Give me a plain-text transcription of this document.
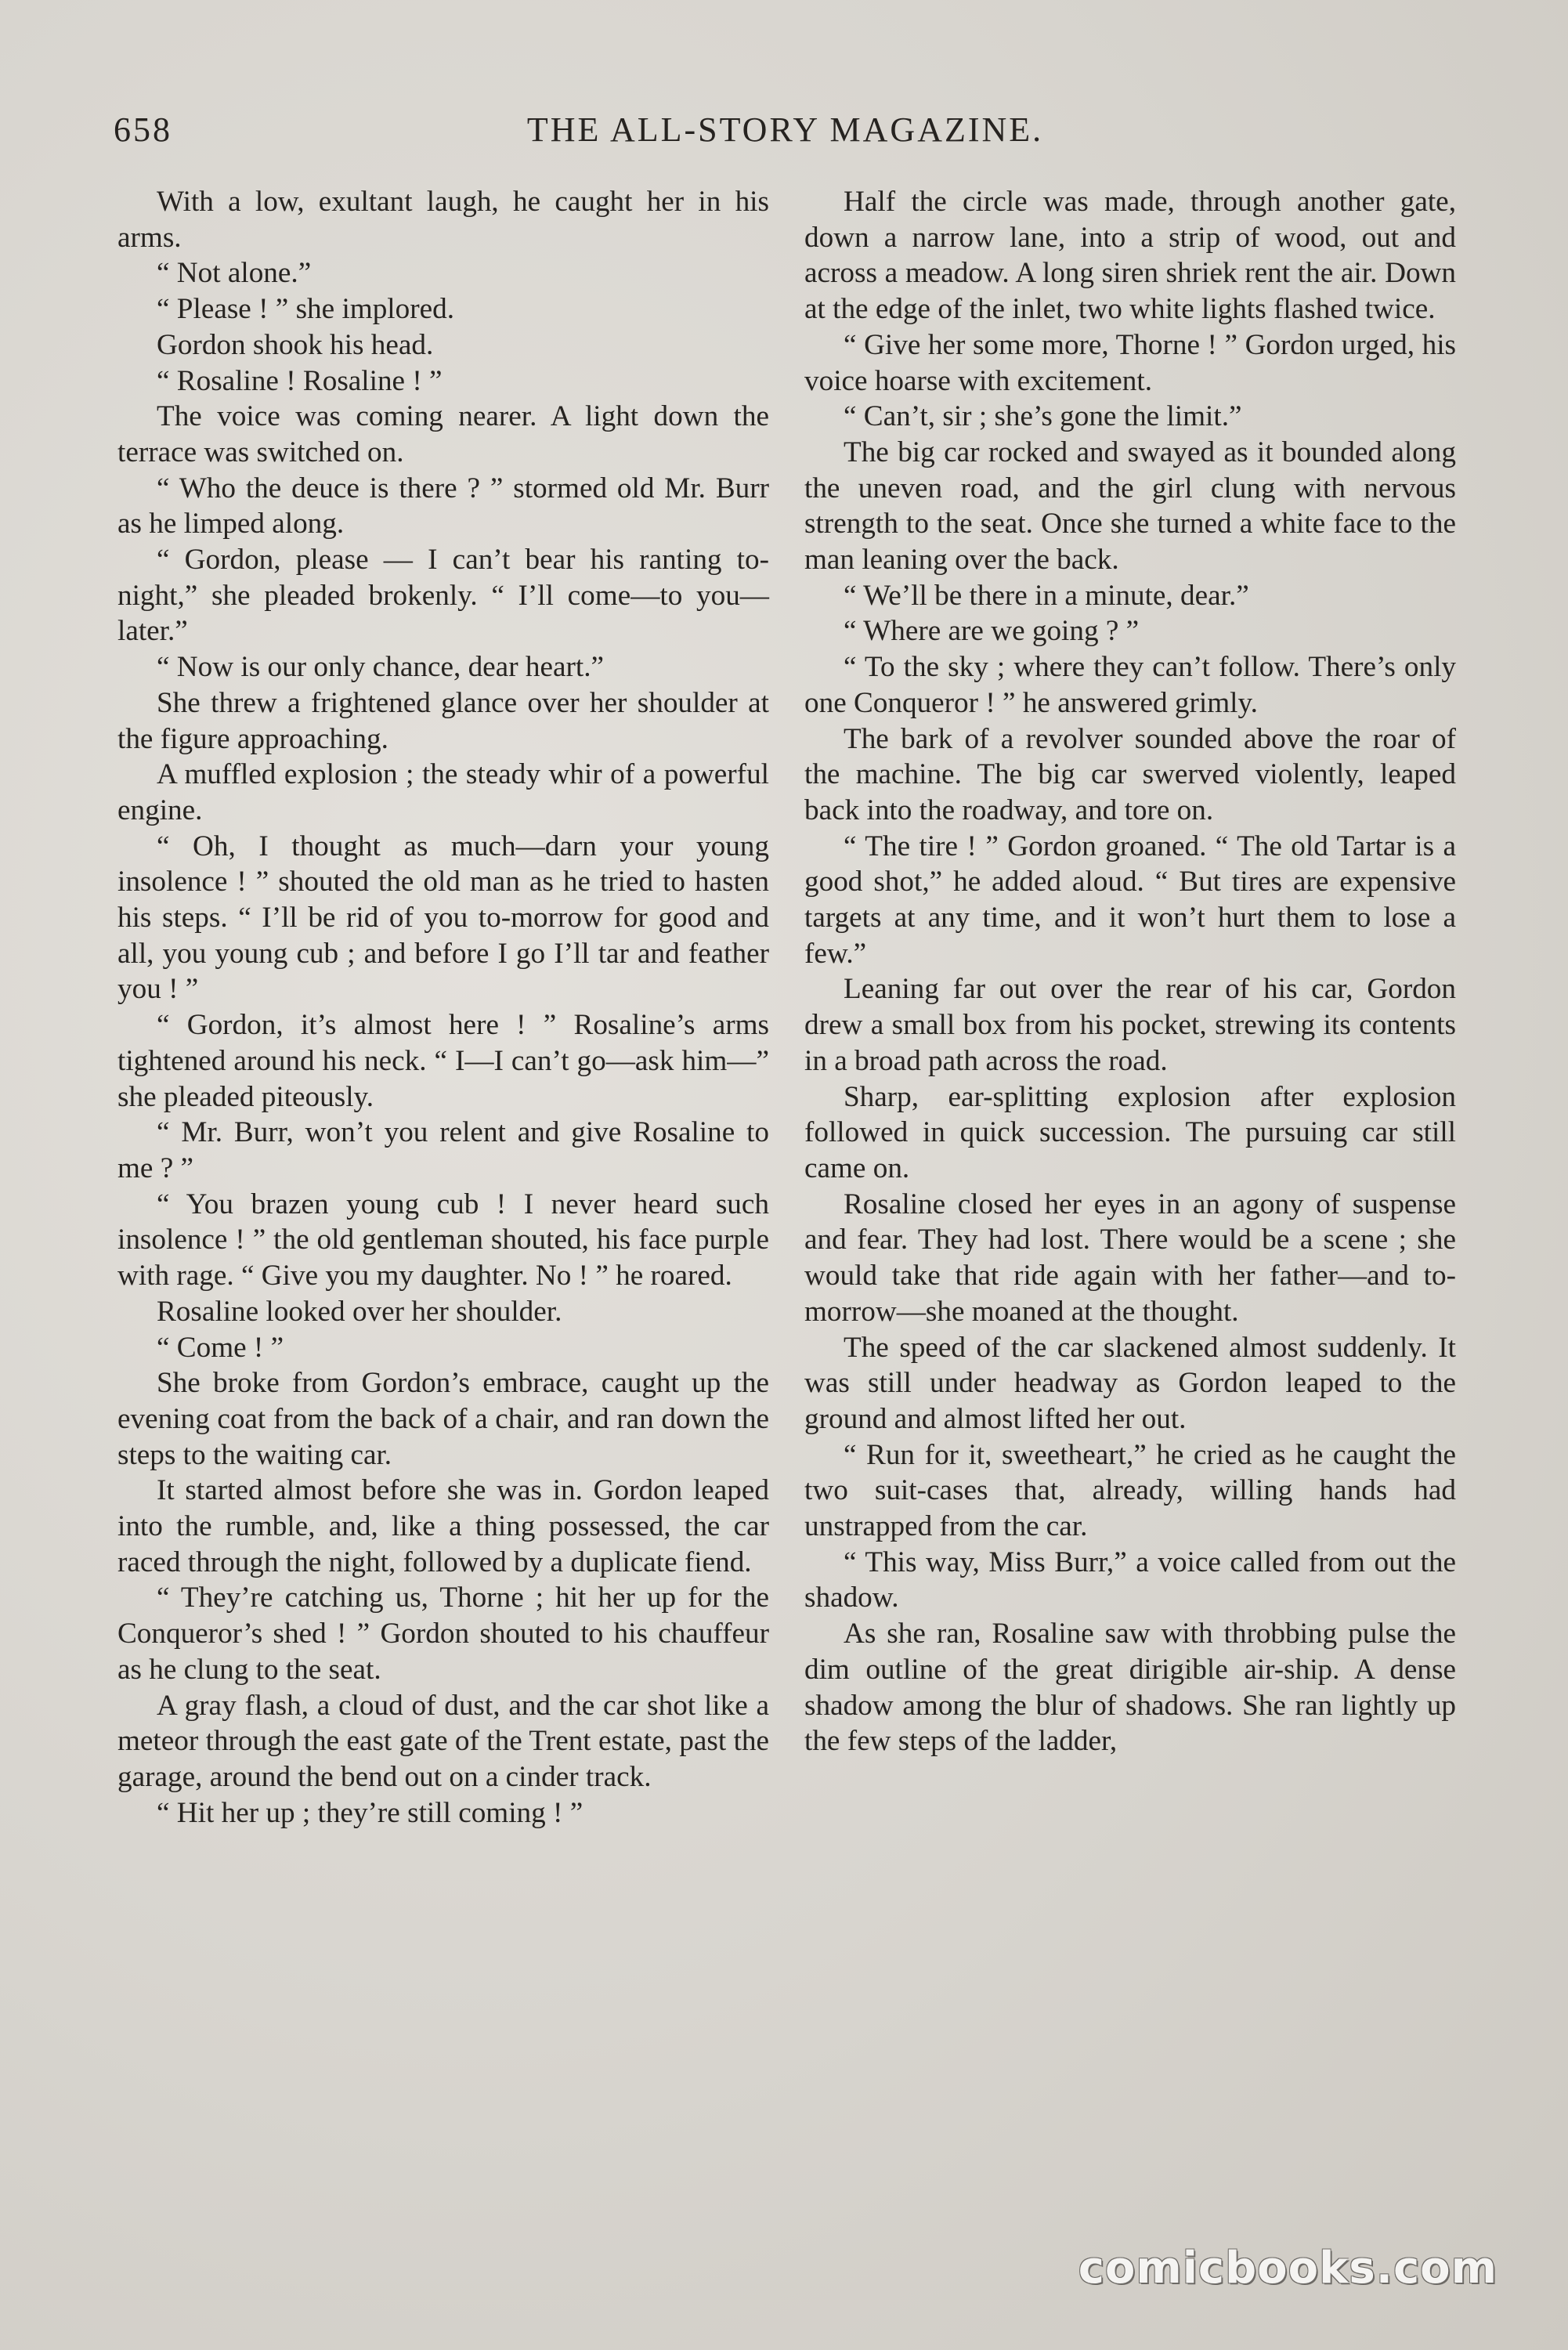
658	THE ALL-STORY MAGAZINE.

With a low, exultant laugh, he caught her in his arms.

“ Not alone.”

“ Please ! ” she implored.

Gordon shook his head.

“ Rosaline ! Rosaline ! ”

The voice was coming nearer. A light down the terrace was switched on.

“ Who the deuce is there ? ” stormed old Mr. Burr as he limped along.

“ Gordon, please — I can’t bear his ranting to-night,” she pleaded brokenly. “ I’ll come—to you—later.”

“ Now is our only chance, dear heart.”

She threw a frightened glance over her shoulder at the figure approaching.

A muffled explosion ; the steady whir of a powerful engine.

“ Oh, I thought as much—darn your young insolence ! ” shouted the old man as he tried to hasten his steps. “ I’ll be rid of you to-morrow for good and all, you young cub ; and before I go I’ll tar and feather you ! ”

“ Gordon, it’s almost here ! ” Rosaline’s arms tightened around his neck. “ I—I can’t go—ask him—” she pleaded piteously.

“ Mr. Burr, won’t you relent and give Rosaline to me ? ”

“ You brazen young cub ! I never heard such insolence ! ” the old gentleman shouted, his face purple with rage. “ Give you my daughter. No ! ” he roared.

Rosaline looked over her shoulder.

“ Come ! ”

She broke from Gordon’s embrace, caught up the evening coat from the back of a chair, and ran down the steps to the waiting car.

It started almost before she was in. Gordon leaped into the rumble, and, like a thing possessed, the car raced through the night, followed by a duplicate fiend.

“ They’re catching us, Thorne ; hit her up for the Conqueror’s shed ! ” Gordon shouted to his chauffeur as he clung to the seat.

A gray flash, a cloud of dust, and the car shot like a meteor through the east gate of the Trent estate, past the garage, around the bend out on a cinder track.

“ Hit her up ; they’re still coming ! ”

Half the circle was made, through another gate, down a narrow lane, into a strip of wood, out and across a meadow. A long siren shriek rent the air. Down at the edge of the inlet, two white lights flashed twice.

“ Give her some more, Thorne ! ” Gordon urged, his voice hoarse with excitement.

“ Can’t, sir ; she’s gone the limit.”

The big car rocked and swayed as it bounded along the uneven road, and the girl clung with nervous strength to the seat. Once she turned a white face to the man leaning over the back.

“ We’ll be there in a minute, dear.”

“ Where are we going ? ”

“ To the sky ; where they can’t follow. There’s only one Conqueror ! ” he answered grimly.

The bark of a revolver sounded above the roar of the machine. The big car swerved violently, leaped back into the roadway, and tore on.

“ The tire ! ” Gordon groaned. “ The old Tartar is a good shot,” he added aloud. “ But tires are expensive targets at any time, and it won’t hurt them to lose a few.”

Leaning far out over the rear of his car, Gordon drew a small box from his pocket, strewing its contents in a broad path across the road.

Sharp, ear-splitting explosion after explosion followed in quick succession. The pursuing car still came on.

Rosaline closed her eyes in an agony of suspense and fear. They had lost. There would be a scene ; she would take that ride again with her father—and to-morrow—she moaned at the thought.

The speed of the car slackened almost suddenly. It was still under headway as Gordon leaped to the ground and almost lifted her out.

“ Run for it, sweetheart,” he cried as he caught the two suit-cases that, already, willing hands had unstrapped from the car.

“ This way, Miss Burr,” a voice called from out the shadow.

As she ran, Rosaline saw with throbbing pulse the dim outline of the great dirigible air-ship. A dense shadow among the blur of shadows. She ran lightly up the few steps of the ladder,

comicbooks.com
